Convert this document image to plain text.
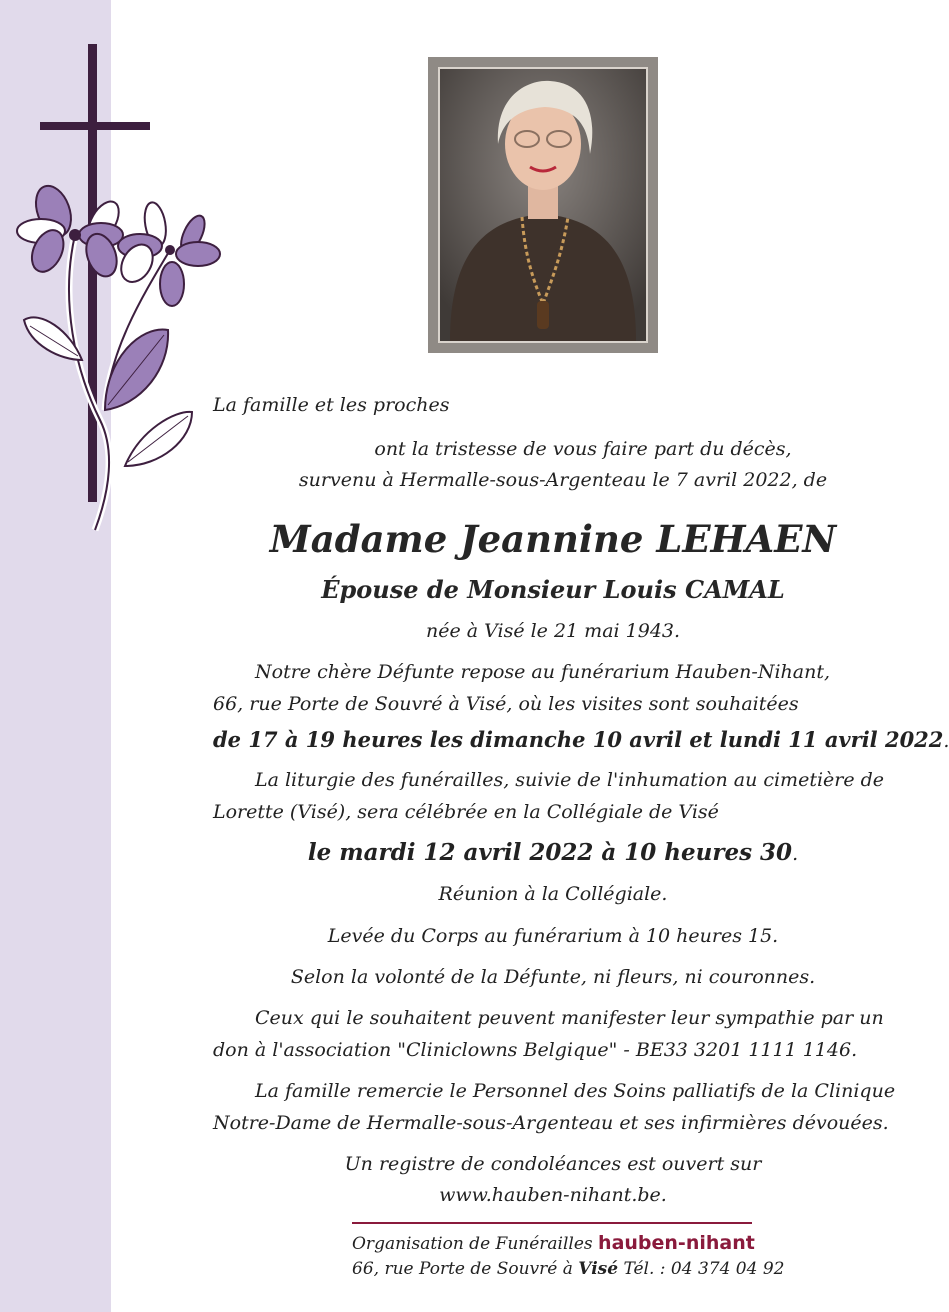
La famille et les proches
ont la tristesse de vous faire part du décès,
survenu à Hermalle-sous-Argenteau le 7 avril 2022, de
Madame Jeannine LEHAEN
Épouse de Monsieur Louis CAMAL
née à Visé le 21 mai 1943.
Notre chère Défunte repose au funérarium Hauben-Nihant,
66, rue Porte de Souvré à Visé, où les visites sont souhaitées
de 17 à 19 heures les dimanche 10 avril et lundi 11 avril 2022.
La liturgie des funérailles, suivie de l'inhumation au cimetière de
Lorette (Visé), sera célébrée en la Collégiale de Visé
le mardi 12 avril 2022 à 10 heures 30.
Réunion à la Collégiale.
Levée du Corps au funérarium à 10 heures 15.
Selon la volonté de la Défunte, ni fleurs, ni couronnes.
Ceux qui le souhaitent peuvent manifester leur sympathie par un
don à l'association "Cliniclowns Belgique" - BE33 3201 1111 1146.
La famille remercie le Personnel des Soins palliatifs de la Clinique
Notre-Dame de Hermalle-sous-Argenteau et ses infirmières dévouées.
Un registre de condoléances est ouvert sur
www.hauben-nihant.be.
Organisation de Funérailles hauben-nihant
66, rue Porte de Souvré à Visé Tél. : 04 374 04 92
